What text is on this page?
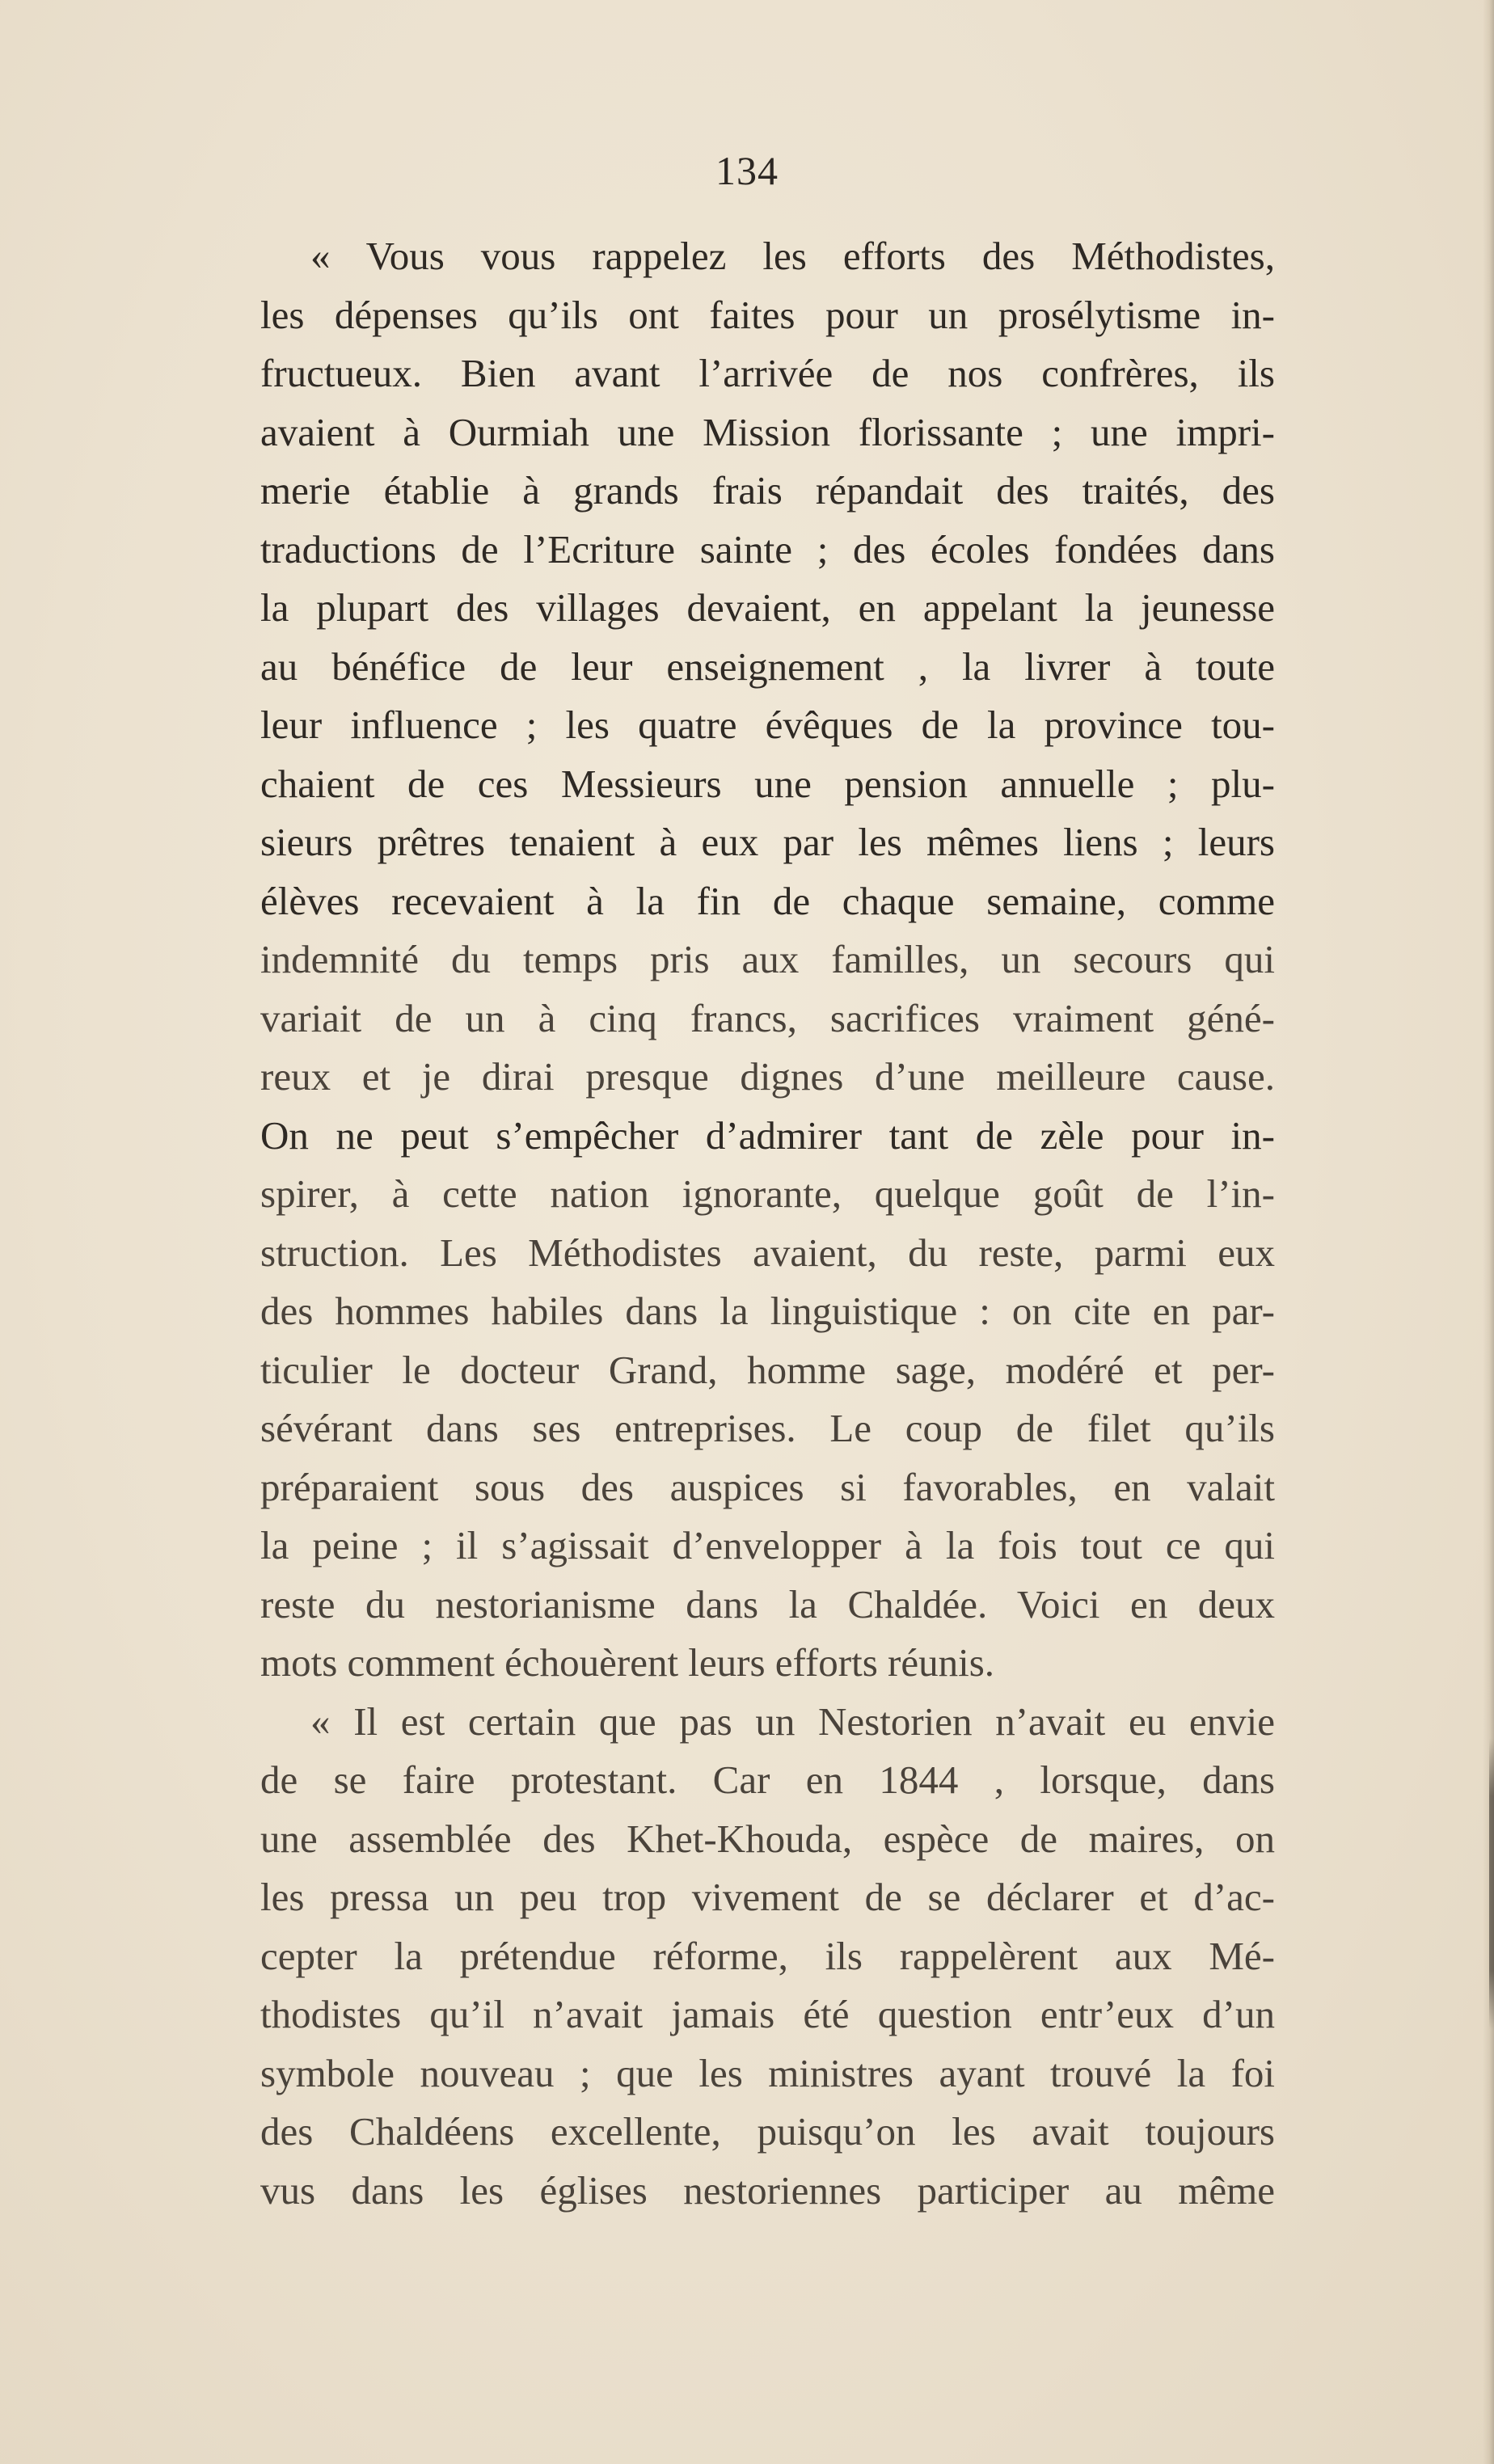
134
« Vous vous rappelez les efforts des Méthodistes,
les dépenses qu’ils ont faites pour un prosélytisme in-
fructueux. Bien avant l’arrivée de nos confrères, ils
avaient à Ourmiah une Mission florissante ; une impri-
merie établie à grands frais répandait des traités, des
traductions de l’Ecriture sainte ; des écoles fondées dans
la plupart des villages devaient, en appelant la jeunesse
au bénéfice de leur enseignement , la livrer à toute
leur influence ; les quatre évêques de la province tou-
chaient de ces Messieurs une pension annuelle ; plu-
sieurs prêtres tenaient à eux par les mêmes liens ; leurs
élèves recevaient à la fin de chaque semaine, comme
indemnité du temps pris aux familles, un secours qui
variait de un à cinq francs, sacrifices vraiment géné-
reux et je dirai presque dignes d’une meilleure cause.
On ne peut s’empêcher d’admirer tant de zèle pour in-
spirer, à cette nation ignorante, quelque goût de l’in-
struction. Les Méthodistes avaient, du reste, parmi eux
des hommes habiles dans la linguistique : on cite en par-
ticulier le docteur Grand, homme sage, modéré et per-
sévérant dans ses entreprises. Le coup de filet qu’ils
préparaient sous des auspices si favorables, en valait
la peine ; il s’agissait d’envelopper à la fois tout ce qui
reste du nestorianisme dans la Chaldée. Voici en deux
mots comment échouèrent leurs efforts réunis.
« Il est certain que pas un Nestorien n’avait eu envie
de se faire protestant. Car en 1844 , lorsque, dans
une assemblée des Khet-Khouda, espèce de maires, on
les pressa un peu trop vivement de se déclarer et d’ac-
cepter la prétendue réforme, ils rappelèrent aux Mé-
thodistes qu’il n’avait jamais été question entr’eux d’un
symbole nouveau ; que les ministres ayant trouvé la foi
des Chaldéens excellente, puisqu’on les avait toujours
vus dans les églises nestoriennes participer au même
